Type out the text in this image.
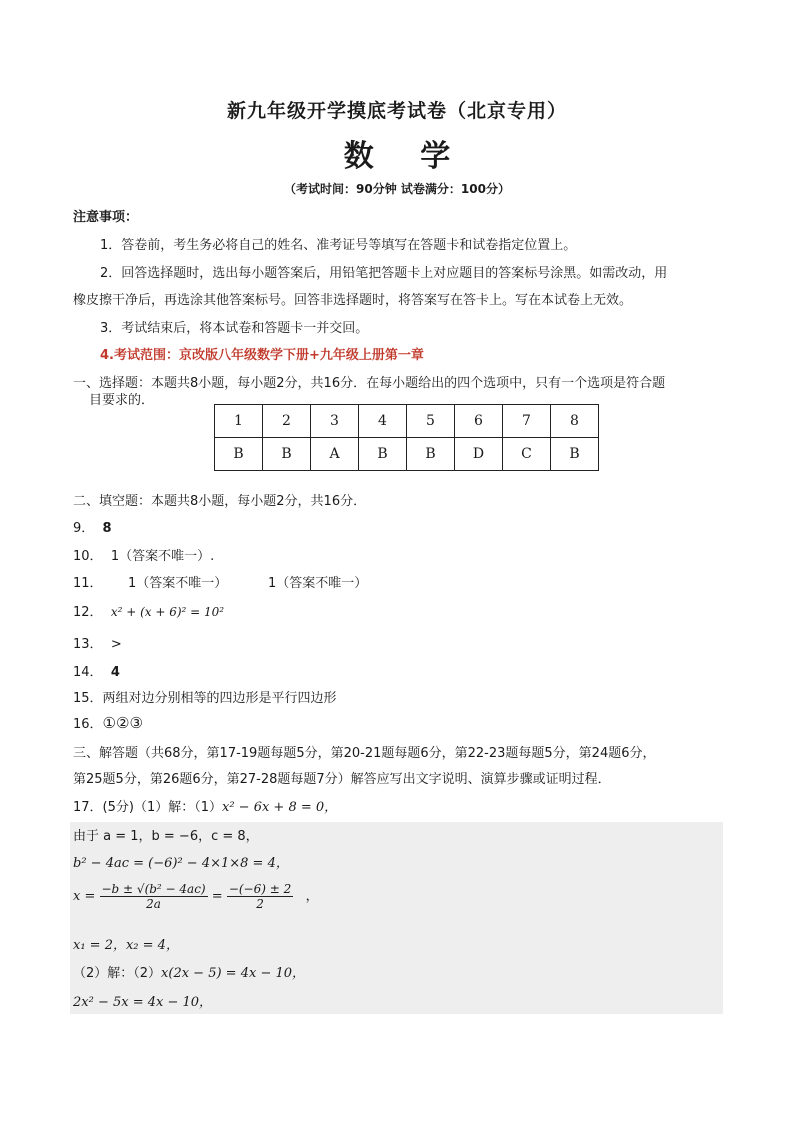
新九年级开学摸底考试卷（北京专用）
数 学
（考试时间：90分钟 试卷满分：100分）
注意事项：
1．答卷前，考生务必将自己的姓名、准考证号等填写在答题卡和试卷指定位置上。
2．回答选择题时，选出每小题答案后，用铅笔把答题卡上对应题目的答案标号涂黑。如需改动，用
橡皮擦干净后，再选涂其他答案标号。回答非选择题时，将答案写在答卡上。写在本试卷上无效。
3．考试结束后，将本试卷和答题卡一并交回。
4.考试范围：京改版八年级数学下册+九年级上册第一章
一、选择题：本题共8小题，每小题2分，共16分．在每小题给出的四个选项中，只有一个选项是符合题
目要求的．
1	2	3	4	5	6	7	8
B	B	A	B	B	D	C	B
二、填空题：本题共8小题，每小题2分，共16分．
9． 8
10． 1（答案不唯一）.
11． 1（答案不唯一）	1（答案不唯一）
12． x² + (x + 6)² = 10²
13． >
14． 4
15．两组对边分别相等的四边形是平行四边形
16．①②③
三、解答题（共68分，第17-19题每题5分，第20-21题每题6分，第22-23题每题5分，第24题6分，
第25题5分，第26题6分，第27-28题每题7分）解答应写出文字说明、演算步骤或证明过程．
17．(5分)（1）解：（1）x² − 6x + 8 = 0，
由于 a = 1，b = −6，c = 8，
b² − 4ac = (−6)² − 4×1×8 = 4，
$x = \frac{\text{−b ± √(b² − 4ac)}}{2a} = \frac{-(-6) \pm 2}{2}$ ，
x₁ = 2，x₂ = 4，
（2）解：（2）x(2x − 5) = 4x − 10，
2x² − 5x = 4x − 10，
